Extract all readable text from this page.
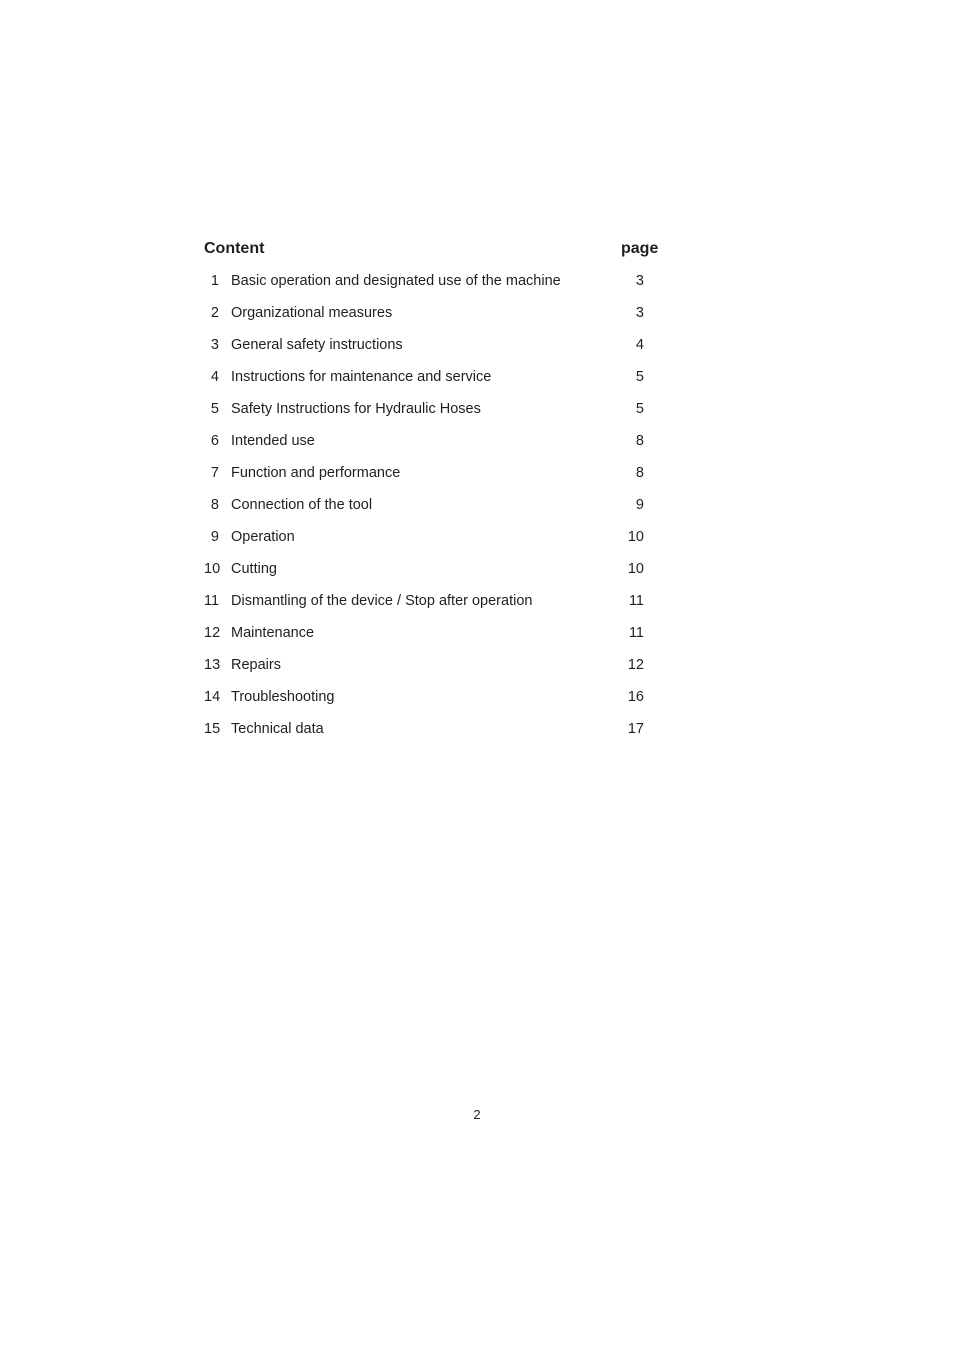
Content	page
1 Basic operation and designated use of the machine	3
2 Organizational measures	3
3 General safety instructions	4
4 Instructions for maintenance and service	5
5 Safety Instructions for Hydraulic Hoses	5
6 Intended use	8
7 Function and performance	8
8 Connection of the tool	9
9 Operation	10
10 Cutting	10
11 Dismantling of the device / Stop after operation	11
12 Maintenance	11
13 Repairs	12
14 Troubleshooting	16
15 Technical data	17
2
